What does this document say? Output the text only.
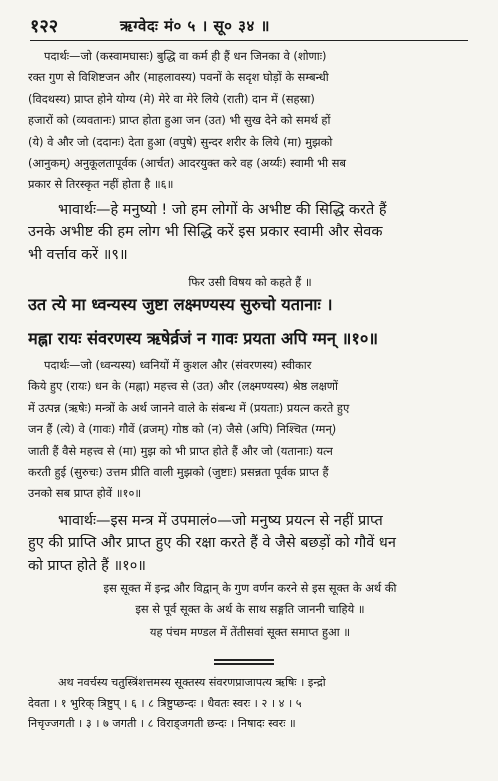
१२२	ऋग्वेदः मं० ५ । सू० ३४ ॥
पदार्थः—जो (कस्वामघासः) बुद्धि वा कर्म ही हैं धन जिनका वे (शोणाः)
रक्त गुण से विशिष्टजन और (माहलावस्य) पवनों के सदृश घोड़ों के सम्बन्धी
(विदथस्य) प्राप्त होने योग्य (मे) मेरे वा मेरे लिये (राती) दान में (सहस्रा)
हजारों को (व्यवतानः) प्राप्त होता हुआ जन (उत) भी सुख देने को समर्थ हों
(ये) वे और जो (ददानः) देता हुआ (वपुषे) सुन्दर शरीर के लिये (मा) मुझको
(आनुकम्) अनुकूलतापूर्वक (आर्चत) आदरयुक्त करे वह (अर्य्यः) स्वामी भी सब
प्रकार से तिरस्कृत नहीं होता है ॥६॥
भावार्थः—हे मनुष्यो ! जो हम लोगों के अभीष्ट की सिद्धि करते हैं
उनके अभीष्ट की हम लोग भी सिद्धि करें इस प्रकार स्वामी और सेवक
भी वर्त्ताव करें ॥९॥
फिर उसी विषय को कहते हैं ॥
उत त्ये मा ध्वन्यस्य जुष्टा लक्ष्मण्यस्य सुरुचो यतानाः ।
मह्ना रायः संवरणस्य ऋषेर्व्रजं न गावः प्रयता अपि ग्मन् ॥१०॥
पदार्थः—जो (ध्वन्यस्य) ध्वनियों में कुशल और (संवरणस्य) स्वीकार
किये हुए (रायः) धन के (मह्ना) महत्त्व से (उत) और (लक्ष्मण्यस्य) श्रेष्ठ लक्षणों
में उत्पन्न (ऋषेः) मन्त्रों के अर्थ जानने वाले के संबन्ध में (प्रयताः) प्रयत्न करते हुए
जन हैं (त्ये) वे (गावः) गौवें (व्रजम्) गोष्ठ को (न) जैसे (अपि) निश्चित (ग्मन्)
जाती हैं वैसे महत्त्व से (मा) मुझ को भी प्राप्त होते हैं और जो (यतानाः) यत्न
करती हुई (सुरुचः) उत्तम प्रीति वाली मुझको (जुष्टाः) प्रसन्नता पूर्वक प्राप्त हैं
उनको सब प्राप्त होवें ॥१०॥
भावार्थः—इस मन्त्र में उपमालं०—जो मनुष्य प्रयत्न से नहीं प्राप्त
हुए की प्राप्ति और प्राप्त हुए की रक्षा करते हैं वे जैसे बछड़ों को गौवें धन
को प्राप्त होते हैं ॥१०॥
इस सूक्त में इन्द्र और विद्वान् के गुण वर्णन करने से इस सूक्त के अर्थ की
इस से पूर्व सूक्त के अर्थ के साथ सङ्गति जाननी चाहिये ॥
यह पंचम मण्डल में तेंतीसवां सूक्त समाप्त हुआ ॥
अथ नवर्चस्य चतुस्त्रिंशत्तमस्य सूक्तस्य संवरणप्राजापत्य ऋषिः । इन्द्रो
देवता । १ भुरिक् त्रिष्टुप् । ६ । ८ त्रिष्टुप्छन्दः । धैवतः स्वरः । २ । ४ । ५
निचृज्जगती । ३ । ७ जगती । ८ विराड्जगती छन्दः । निषादः स्वरः ॥
